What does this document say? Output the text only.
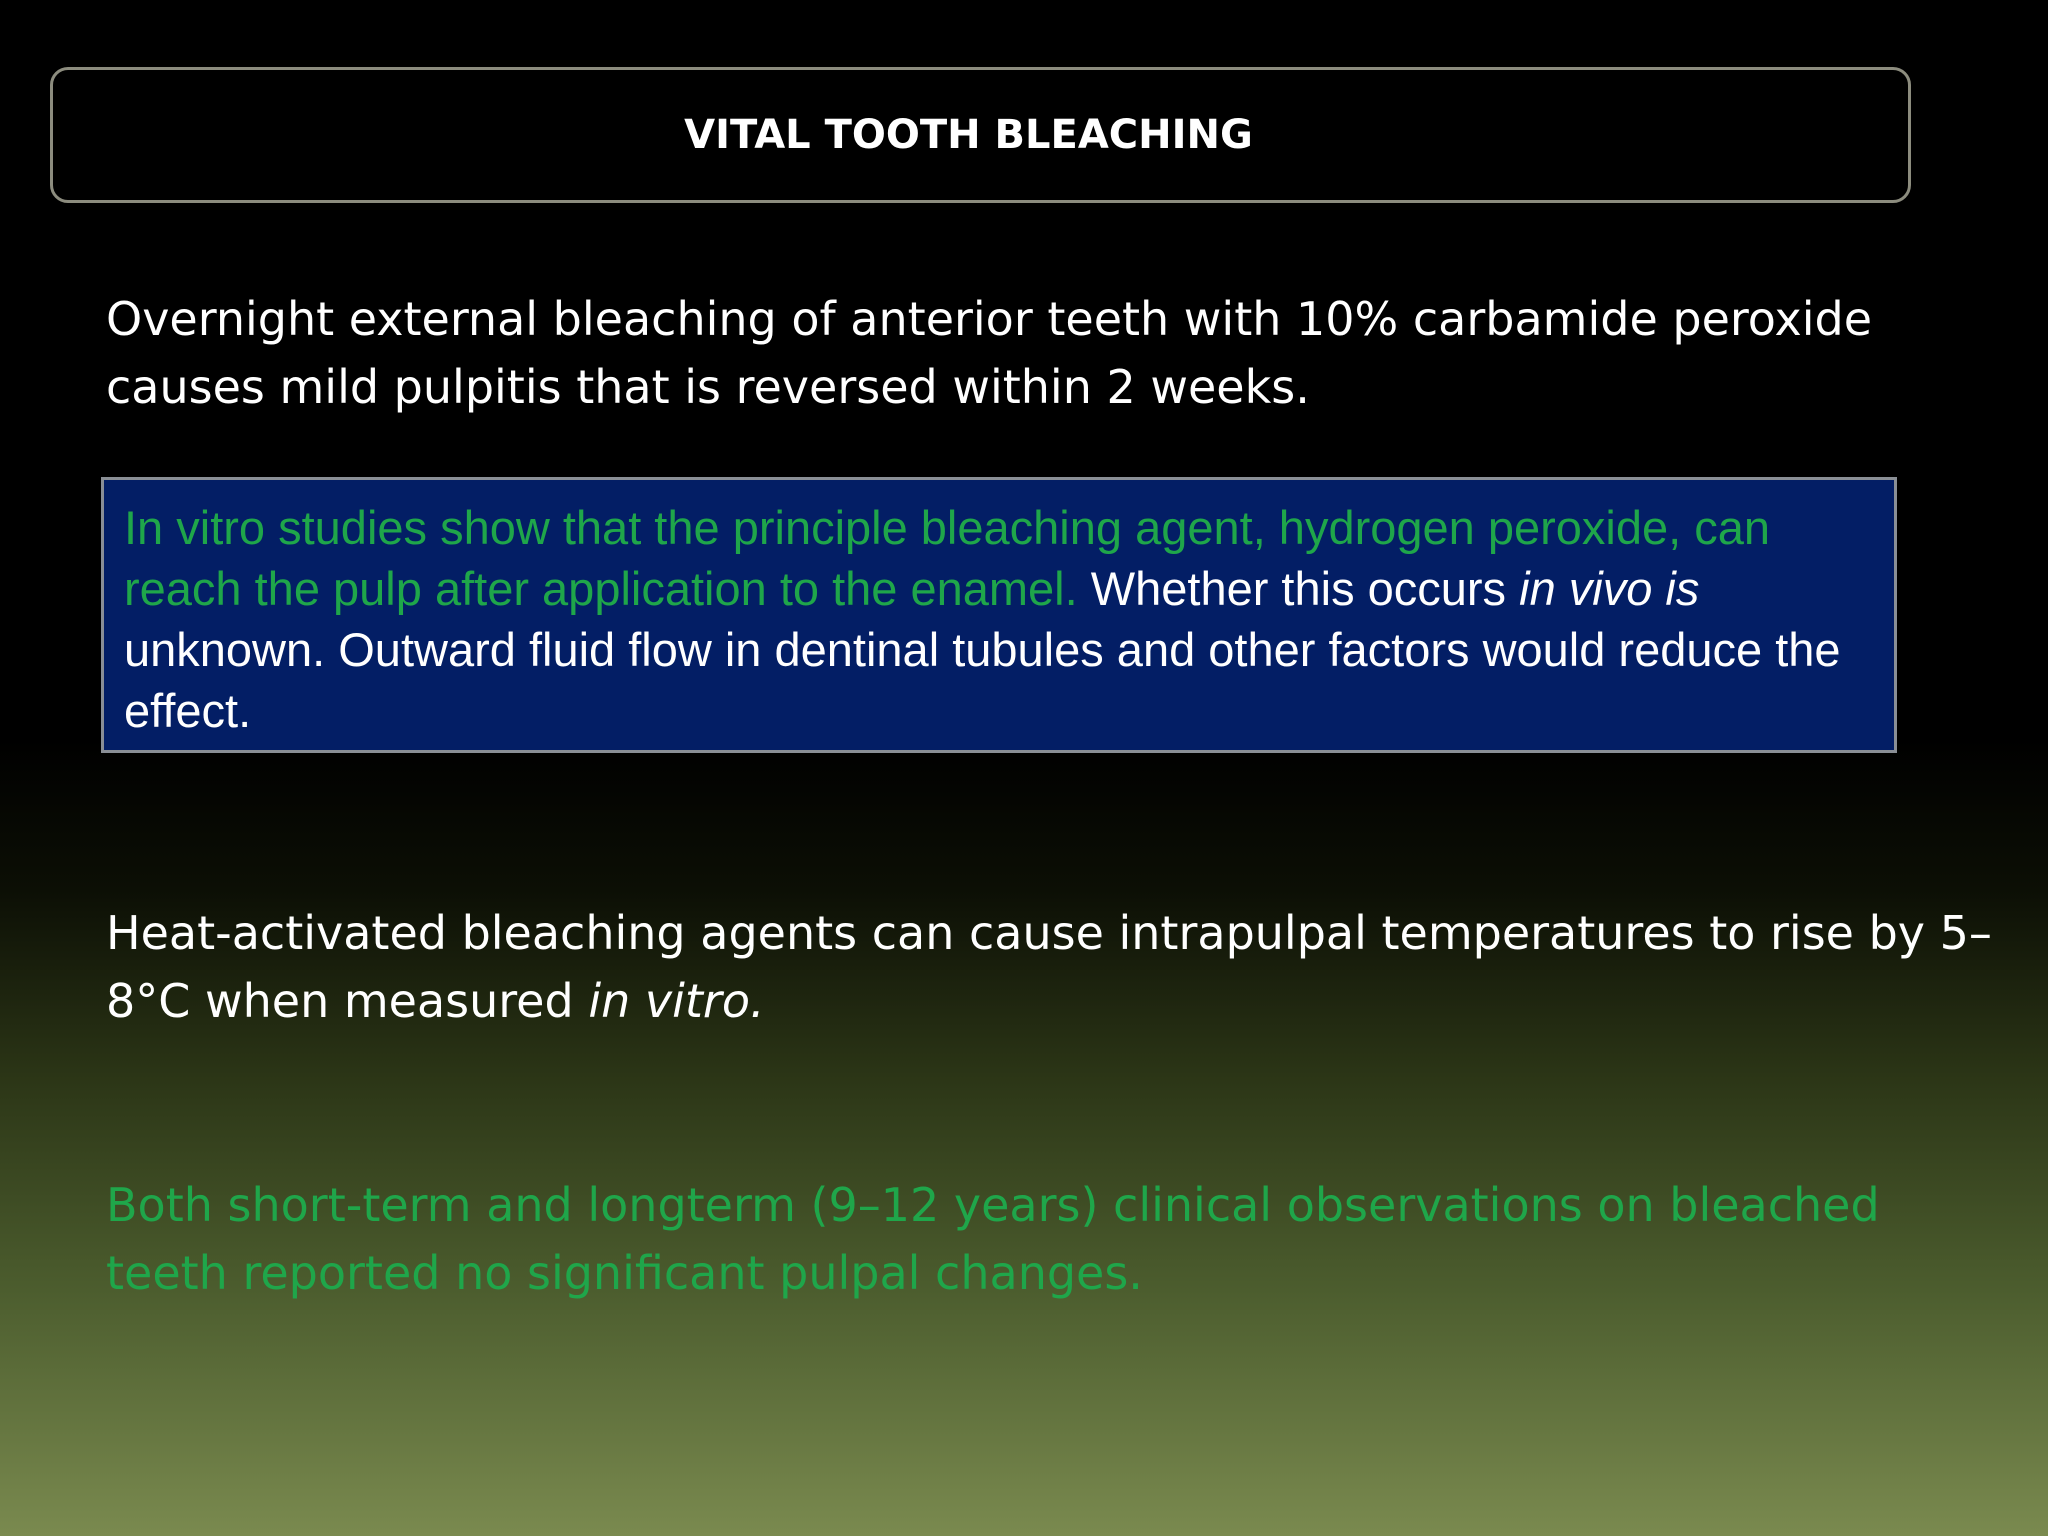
VITAL TOOTH BLEACHING

Overnight external bleaching of anterior teeth with 10% carbamide peroxide causes mild pulpitis that is reversed within 2 weeks.

In vitro studies show that the principle bleaching agent, hydrogen peroxide, can reach the pulp after application to the enamel. Whether this occurs in vivo is unknown. Outward fluid flow in dentinal tubules and other factors would reduce the effect.

Heat-activated bleaching agents can cause intrapulpal temperatures to rise by 5–8°C when measured in vitro.

Both short-term and longterm (9–12 years) clinical observations on bleached teeth reported no significant pulpal changes.
